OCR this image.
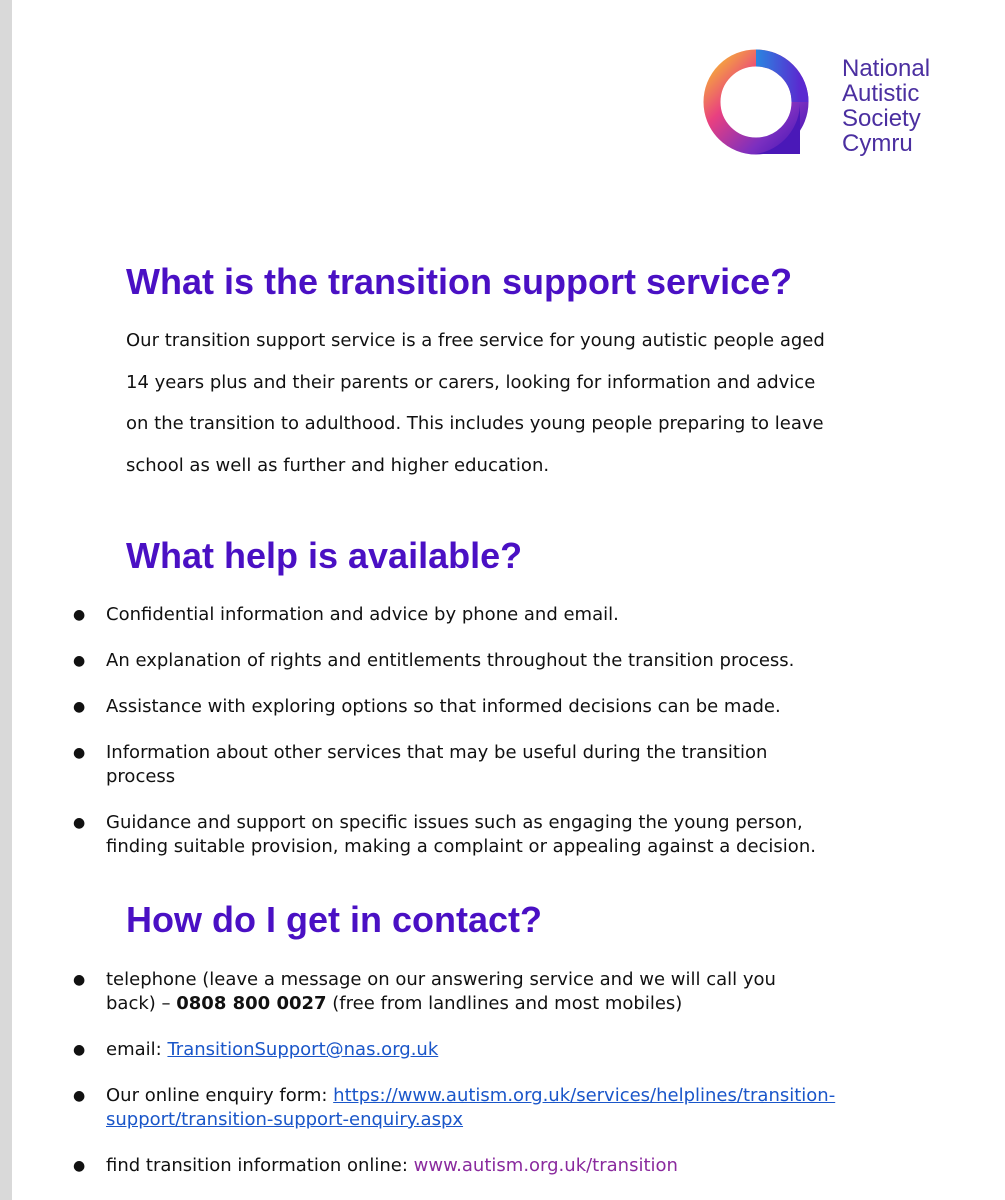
National
Autistic
Society
Cymru
What is the transition support service?

Our transition support service is a free service for young autistic people aged
14 years plus and their parents or carers, looking for information and advice
on the transition to adulthood. This includes young people preparing to leave
school as well as further and higher education.

What help is available?
● Confidential information and advice by phone and email.
● An explanation of rights and entitlements throughout the transition process.
● Assistance with exploring options so that informed decisions can be made.
● Information about other services that may be useful during the transition
process
● Guidance and support on specific issues such as engaging the young person,
finding suitable provision, making a complaint or appealing against a decision.
How do I get in contact?
● telephone (leave a message on our answering service and we will call you
back) – 0808 800 0027 (free from landlines and most mobiles)
● email: TransitionSupport@nas.org.uk
● Our online enquiry form: https://www.autism.org.uk/services/helplines/transition-
support/transition-support-enquiry.aspx
● find transition information online: www.autism.org.uk/transition
